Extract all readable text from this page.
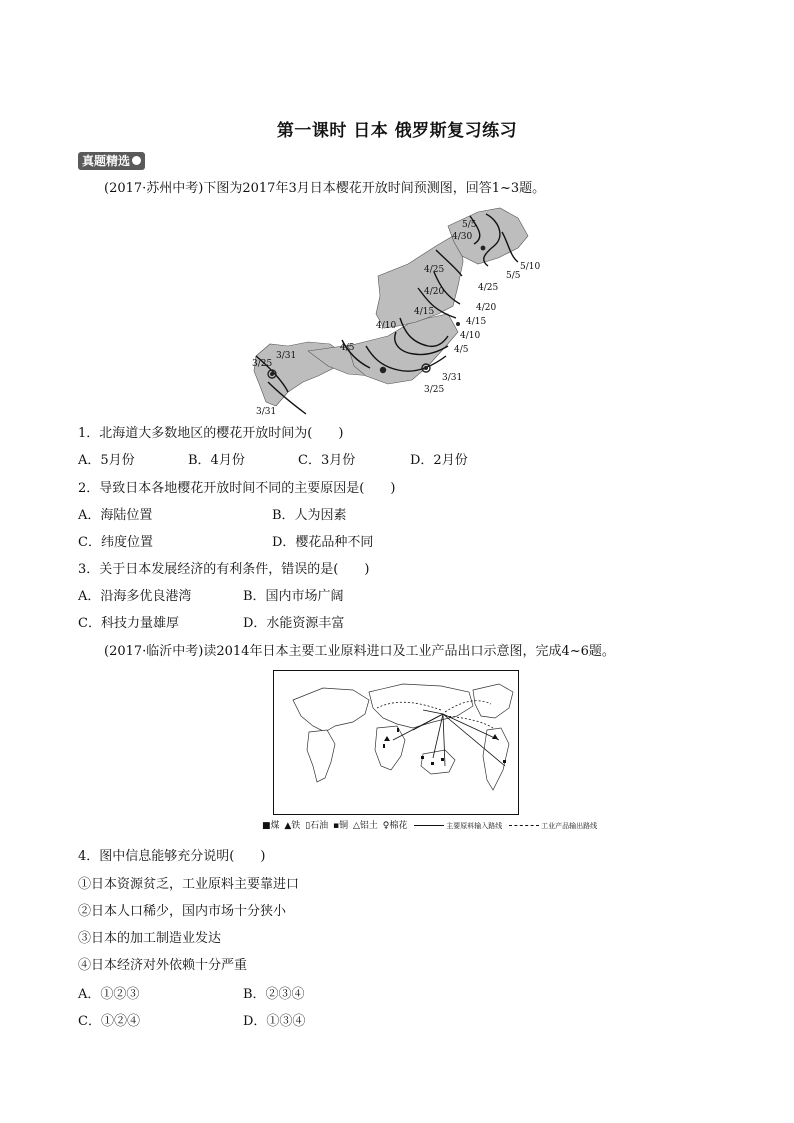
第一课时 日本 俄罗斯复习练习
真题精选
(2017·苏州中考)下图为2017年3月日本樱花开放时间预测图，回答1~3题。
5/5
4/30
4/25	5/10
5/5
4/25
4/20
4/20
4/15
4/15
4/10
4/10
4/5	4/5
3/31
3/25
3/31
3/25
3/31
1．北海道大多数地区的樱花开放时间为(　　)
A．5月份	B．4月份	C．3月份	D．2月份
2．导致日本各地樱花开放时间不同的主要原因是(　　)
A．海陆位置	B．人为因素
C．纬度位置	D．樱花品种不同
3．关于日本发展经济的有利条件，错误的是(　　)
A．沿海多优良港湾	B．国内市场广阔
C．科技力量雄厚	D．水能资源丰富
(2017·临沂中考)读2014年日本主要工业原料进口及工业产品出口示意图，完成4~6题。
■煤 ▲铁 ▯石油 ▪铜 △铝土 ♀棉花	主要原料输入路线	工业产品输出路线
4．图中信息能够充分说明(　　)
①日本资源贫乏，工业原料主要靠进口
②日本人口稀少，国内市场十分狭小
③日本的加工制造业发达
④日本经济对外依赖十分严重
A．①②③	B．②③④
C．①②④	D．①③④
